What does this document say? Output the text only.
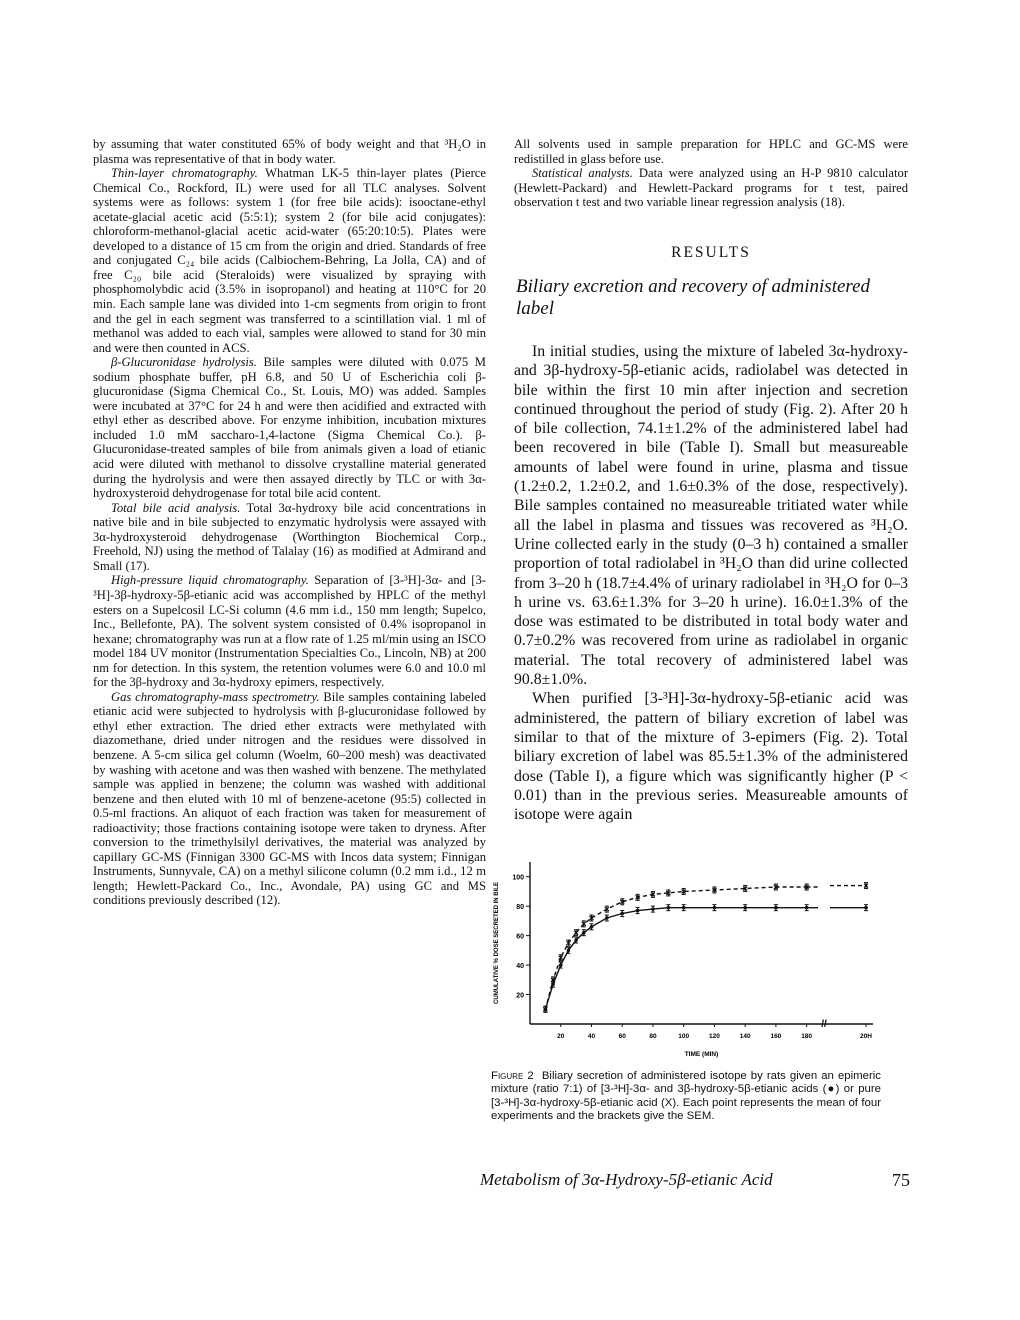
by assuming that water constituted 65% of body weight and that ³H₂O in plasma was representative of that in body water.

Thin-layer chromatography. Whatman LK-5 thin-layer plates (Pierce Chemical Co., Rockford, IL) were used for all TLC analyses. Solvent systems were as follows: system 1 (for free bile acids): isooctane-ethyl acetate-glacial acetic acid (5:5:1); system 2 (for bile acid conjugates): chloroform-methanol-glacial acetic acid-water (65:20:10:5). Plates were developed to a distance of 15 cm from the origin and dried. Standards of free and conjugated C₂₄ bile acids (Calbiochem-Behring, La Jolla, CA) and of free C₂₀ bile acid (Steraloids) were visualized by spraying with phosphomolybdic acid (3.5% in isopropanol) and heating at 110°C for 20 min. Each sample lane was divided into 1-cm segments from origin to front and the gel in each segment was transferred to a scintillation vial. 1 ml of methanol was added to each vial, samples were allowed to stand for 30 min and were then counted in ACS.

β-Glucuronidase hydrolysis. Bile samples were diluted with 0.075 M sodium phosphate buffer, pH 6.8, and 50 U of Escherichia coli β-glucuronidase (Sigma Chemical Co., St. Louis, MO) was added. Samples were incubated at 37°C for 24 h and were then acidified and extracted with ethyl ether as described above. For enzyme inhibition, incubation mixtures included 1.0 mM saccharo-1,4-lactone (Sigma Chemical Co.). β-Glucuronidase-treated samples of bile from animals given a load of etianic acid were diluted with methanol to dissolve crystalline material generated during the hydrolysis and were then assayed directly by TLC or with 3α-hydroxysteroid dehydrogenase for total bile acid content.

Total bile acid analysis. Total 3α-hydroxy bile acid concentrations in native bile and in bile subjected to enzymatic hydrolysis were assayed with 3α-hydroxysteroid dehydrogenase (Worthington Biochemical Corp., Freehold, NJ) using the method of Talalay (16) as modified at Admirand and Small (17).

High-pressure liquid chromatography. Separation of [3-³H]-3α- and [3-³H]-3β-hydroxy-5β-etianic acid was accomplished by HPLC of the methyl esters on a Supelcosil LC-Si column (4.6 mm i.d., 150 mm length; Supelco, Inc., Bellefonte, PA). The solvent system consisted of 0.4% isopropanol in hexane; chromatography was run at a flow rate of 1.25 ml/min using an ISCO model 184 UV monitor (Instrumentation Specialties Co., Lincoln, NB) at 200 nm for detection. In this system, the retention volumes were 6.0 and 10.0 ml for the 3β-hydroxy and 3α-hydroxy epimers, respectively.

Gas chromatography-mass spectrometry. Bile samples containing labeled etianic acid were subjected to hydrolysis with β-glucuronidase followed by ethyl ether extraction. The dried ether extracts were methylated with diazomethane, dried under nitrogen and the residues were dissolved in benzene. A 5-cm silica gel column (Woelm, 60–200 mesh) was deactivated by washing with acetone and was then washed with benzene. The methylated sample was applied in benzene; the column was washed with additional benzene and then eluted with 10 ml of benzene-acetone (95:5) collected in 0.5-ml fractions. An aliquot of each fraction was taken for measurement of radioactivity; those fractions containing isotope were taken to dryness. After conversion to the trimethylsilyl derivatives, the material was analyzed by capillary GC-MS (Finnigan 3300 GC-MS with Incos data system; Finnigan Instruments, Sunnyvale, CA) on a methyl silicone column (0.2 mm i.d., 12 m length; Hewlett-Packard Co., Inc., Avondale, PA) using GC and MS conditions previously described (12).

All solvents used in sample preparation for HPLC and GC-MS were redistilled in glass before use.

Statistical analysts. Data were analyzed using an H-P 9810 calculator (Hewlett-Packard) and Hewlett-Packard programs for t test, paired observation t test and two variable linear regression analysis (18).

RESULTS
Biliary excretion and recovery of administered label

In initial studies, using the mixture of labeled 3α-hydroxy- and 3β-hydroxy-5β-etianic acids, radiolabel was detected in bile within the first 10 min after injection and secretion continued throughout the period of study (Fig. 2). After 20 h of bile collection, 74.1±1.2% of the administered label had been recovered in bile (Table I). Small but measureable amounts of label were found in urine, plasma and tissue (1.2±0.2, 1.2±0.2, and 1.6±0.3% of the dose, respectively). Bile samples contained no measureable tritiated water while all the label in plasma and tissues was recovered as ³H₂O. Urine collected early in the study (0–3 h) contained a smaller proportion of total radiolabel in ³H₂O than did urine collected from 3–20 h (18.7±4.4% of urinary radiolabel in ³H₂O for 0–3 h urine vs. 63.6±1.3% for 3–20 h urine). 16.0±1.3% of the dose was estimated to be distributed in total body water and 0.7±0.2% was recovered from urine as radiolabel in organic material. The total recovery of administered label was 90.8±1.0%.

When purified [3-³H]-3α-hydroxy-5β-etianic acid was administered, the pattern of biliary excretion of label was similar to that of the mixture of 3-epimers (Fig. 2). Total biliary excretion of label was 85.5±1.3% of the administered dose (Table I), a figure which was significantly higher (P < 0.01) than in the previous series. Measureable amounts of isotope were again

20
40
60
80
100
20	40	60	80	100	120	140	160	180	20H
//
TIME (MIN)
CUMULATIVE % DOSE SECRETED IN BILE
Figure 2 Biliary secretion of administered isotope by rats given an epimeric mixture (ratio 7:1) of [3-³H]-3α- and 3β-hydroxy-5β-etianic acids (●) or pure [3-³H]-3α-hydroxy-5β-etianic acid (X). Each point represents the mean of four experiments and the brackets give the SEM.
Metabolism of 3α-Hydroxy-5β-etianic Acid	75
